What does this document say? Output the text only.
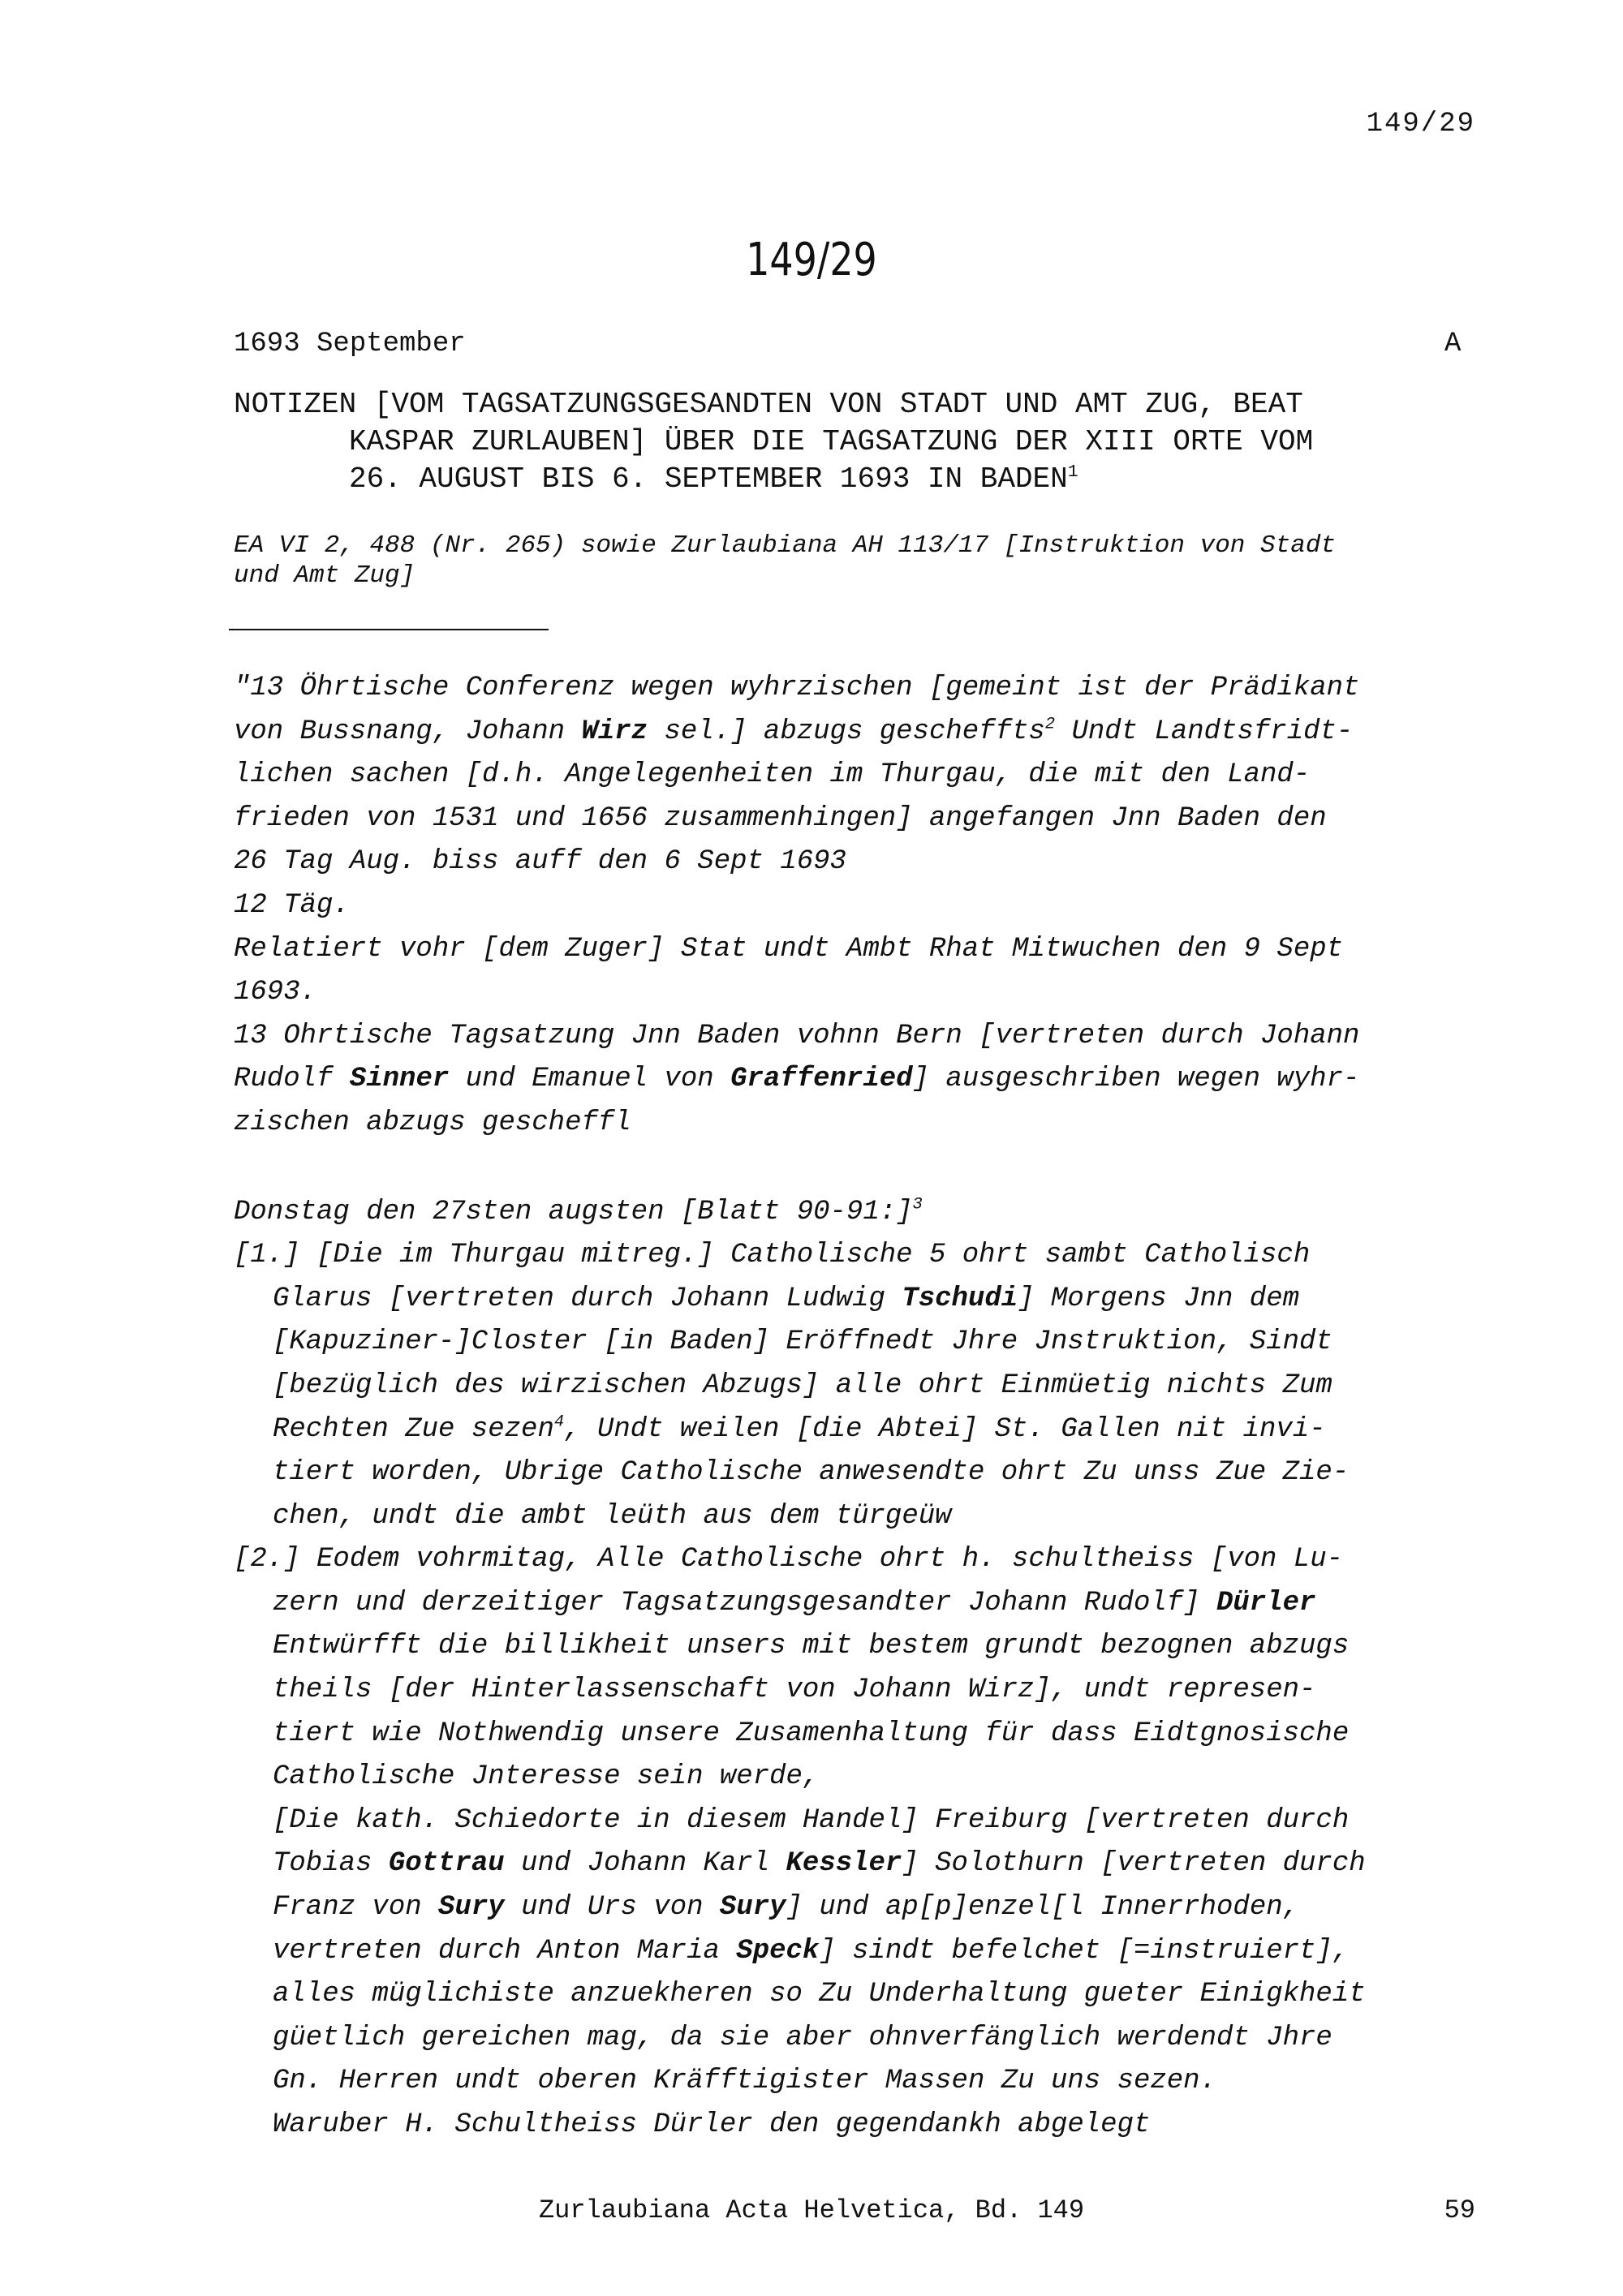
149/29
149/29
1693 September	A
NOTIZEN [VOM TAGSATZUNGSGESANDTEN VON STADT UND AMT ZUG, BEAT
KASPAR ZURLAUBEN] ÜBER DIE TAGSATZUNG DER XIII ORTE VOM
26. AUGUST BIS 6. SEPTEMBER 1693 IN BADEN$^1$
EA VI 2, 488 (Nr. 265) sowie Zurlaubiana AH 113/17 [Instruktion von Stadt
und Amt Zug]
"13 Öhrtische Conferenz wegen wyhrzischen [gemeint ist der Prädikant
von Bussnang, Johann Wirz sel.] abzugs gescheffts$^2$ Undt Landtsfridt-
lichen sachen [d.h. Angelegenheiten im Thurgau, die mit den Land-
frieden von 1531 und 1656 zusammenhingen] angefangen Jnn Baden den
26 Tag Aug. biss auff den 6 Sept 1693
12 Täg.
Relatiert vohr [dem Zuger] Stat undt Ambt Rhat Mitwuchen den 9 Sept
1693.
13 Ohrtische Tagsatzung Jnn Baden vohnn Bern [vertreten durch Johann
Rudolf Sinner und Emanuel von Graffenried] ausgeschriben wegen wyhr-
zischen abzugs gescheffl
Donstag den 27sten augsten [Blatt 90-91:]$^3$
[1.] [Die im Thurgau mitreg.] Catholische 5 ohrt sambt Catholisch
Glarus [vertreten durch Johann Ludwig Tschudi] Morgens Jnn dem
[Kapuziner-]Closter [in Baden] Eröffnedt Jhre Jnstruktion, Sindt
[bezüglich des wirzischen Abzugs] alle ohrt Einmüetig nichts Zum
Rechten Zue sezen$^4$, Undt weilen [die Abtei] St. Gallen nit invi-
tiert worden, Ubrige Catholische anwesendte ohrt Zu unss Zue Zie-
chen, undt die ambt leüth aus dem türgeüw
[2.] Eodem vohrmitag, Alle Catholische ohrt h. schultheiss [von Lu-
zern und derzeitiger Tagsatzungsgesandter Johann Rudolf] Dürler
Entwürfft die billikheit unsers mit bestem grundt bezognen abzugs
theils [der Hinterlassenschaft von Johann Wirz], undt represen-
tiert wie Nothwendig unsere Zusamenhaltung für dass Eidtgnosische
Catholische Jnteresse sein werde,
[Die kath. Schiedorte in diesem Handel] Freiburg [vertreten durch
Tobias Gottrau und Johann Karl Kessler] Solothurn [vertreten durch
Franz von Sury und Urs von Sury] und ap[p]enzel[l Innerrhoden,
vertreten durch Anton Maria Speck] sindt befelchet [=instruiert],
alles müglichiste anzuekheren so Zu Underhaltung gueter Einigkheit
güetlich gereichen mag, da sie aber ohnverfänglich werdendt Jhre
Gn. Herren undt oberen Kräfftigister Massen Zu uns sezen.
Waruber H. Schultheiss Dürler den gegendankh abgelegt
Zurlaubiana Acta Helvetica, Bd. 149	59
